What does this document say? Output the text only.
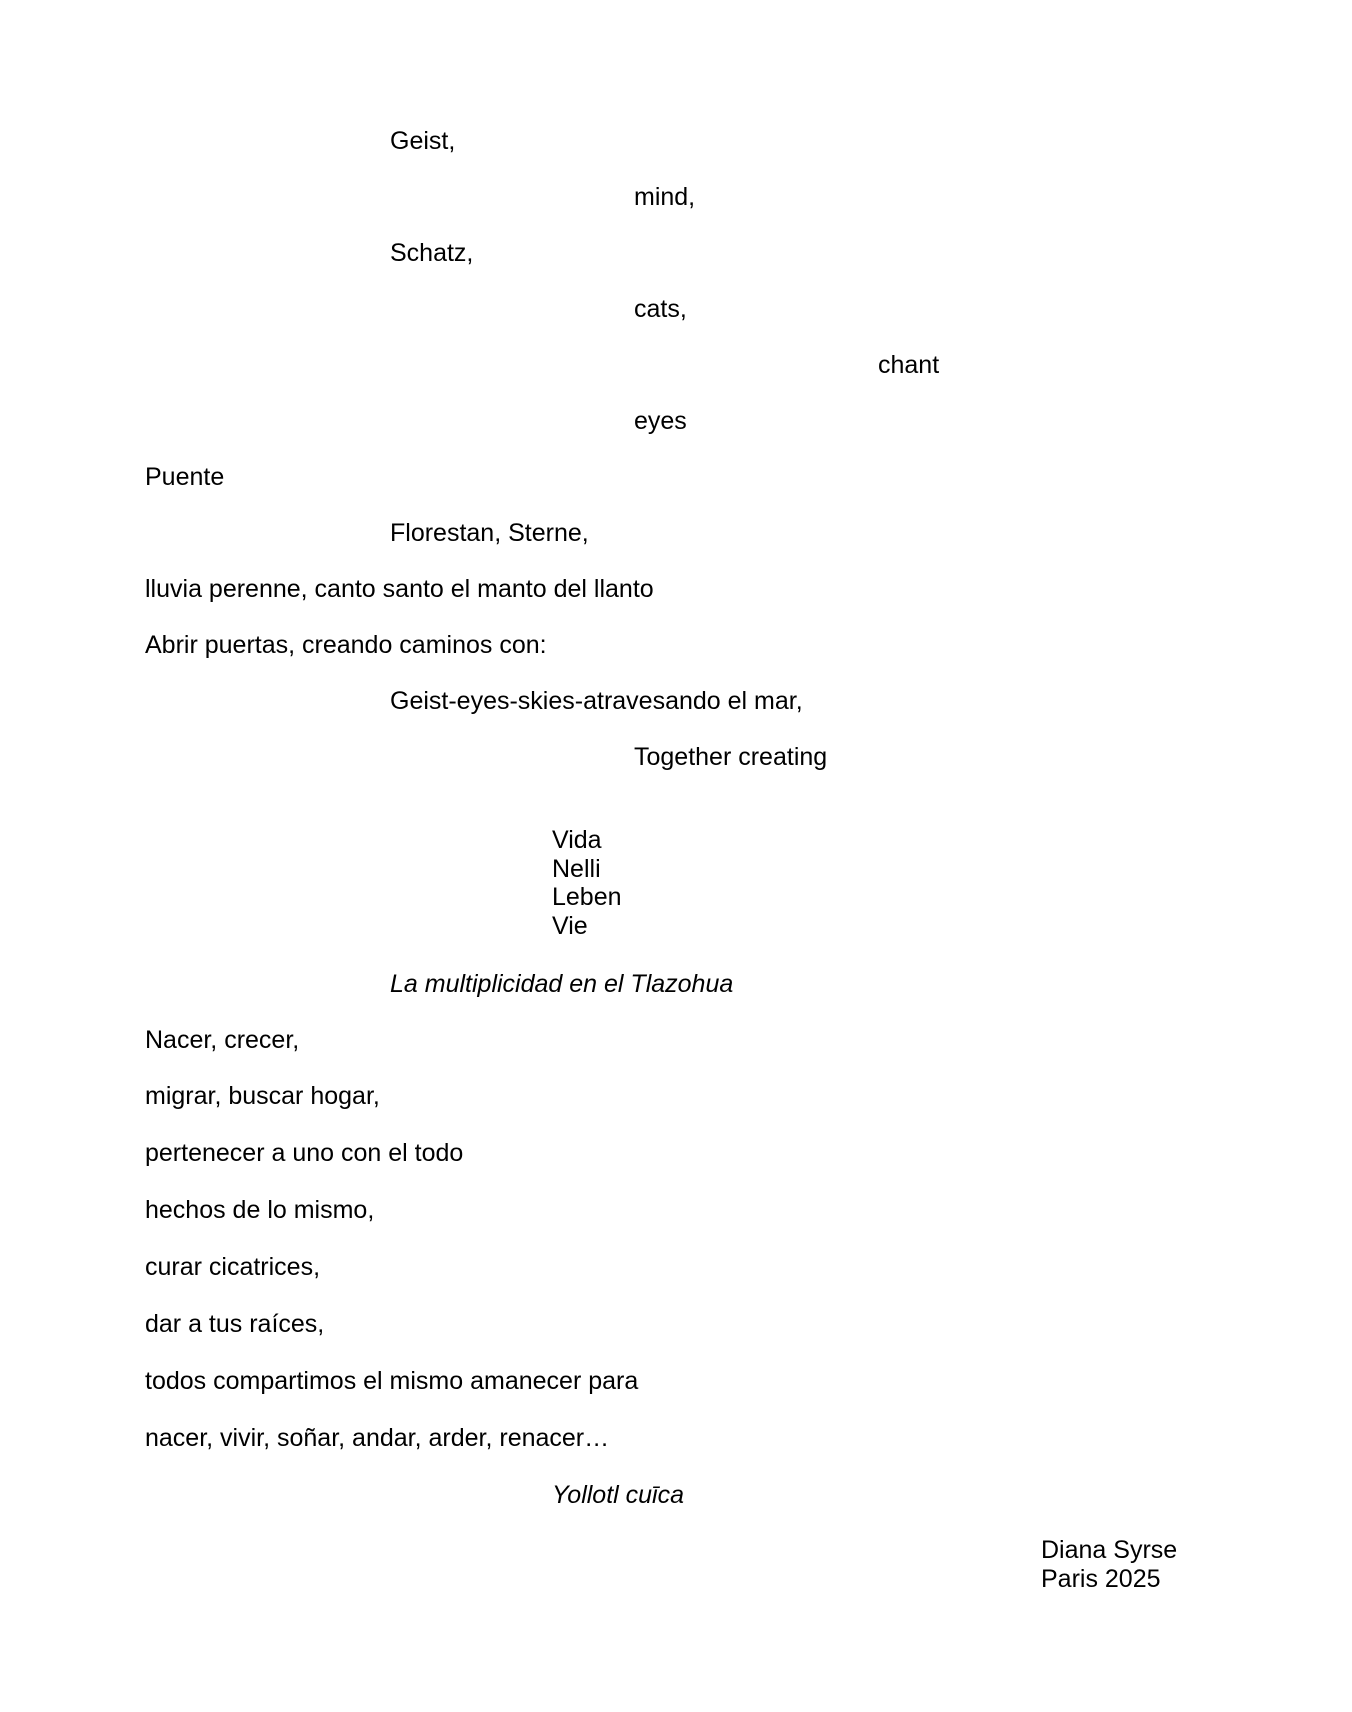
Geist,
mind,
Schatz,
cats,
chant
eyes
Puente
Florestan, Sterne,
lluvia perenne, canto santo el manto del llanto
Abrir puertas, creando caminos con:
Geist-eyes-skies-atravesando el mar,
Together creating
Vida
Nelli
Leben
Vie
La multiplicidad en el Tlazohua
Nacer, crecer,
migrar, buscar hogar,
pertenecer a uno con el todo
hechos de lo mismo,
curar cicatrices,
dar a tus raíces,
todos compartimos el mismo amanecer para
nacer, vivir, soñar, andar, arder, renacer…
Yollotl cuīca
Diana Syrse
Paris 2025
